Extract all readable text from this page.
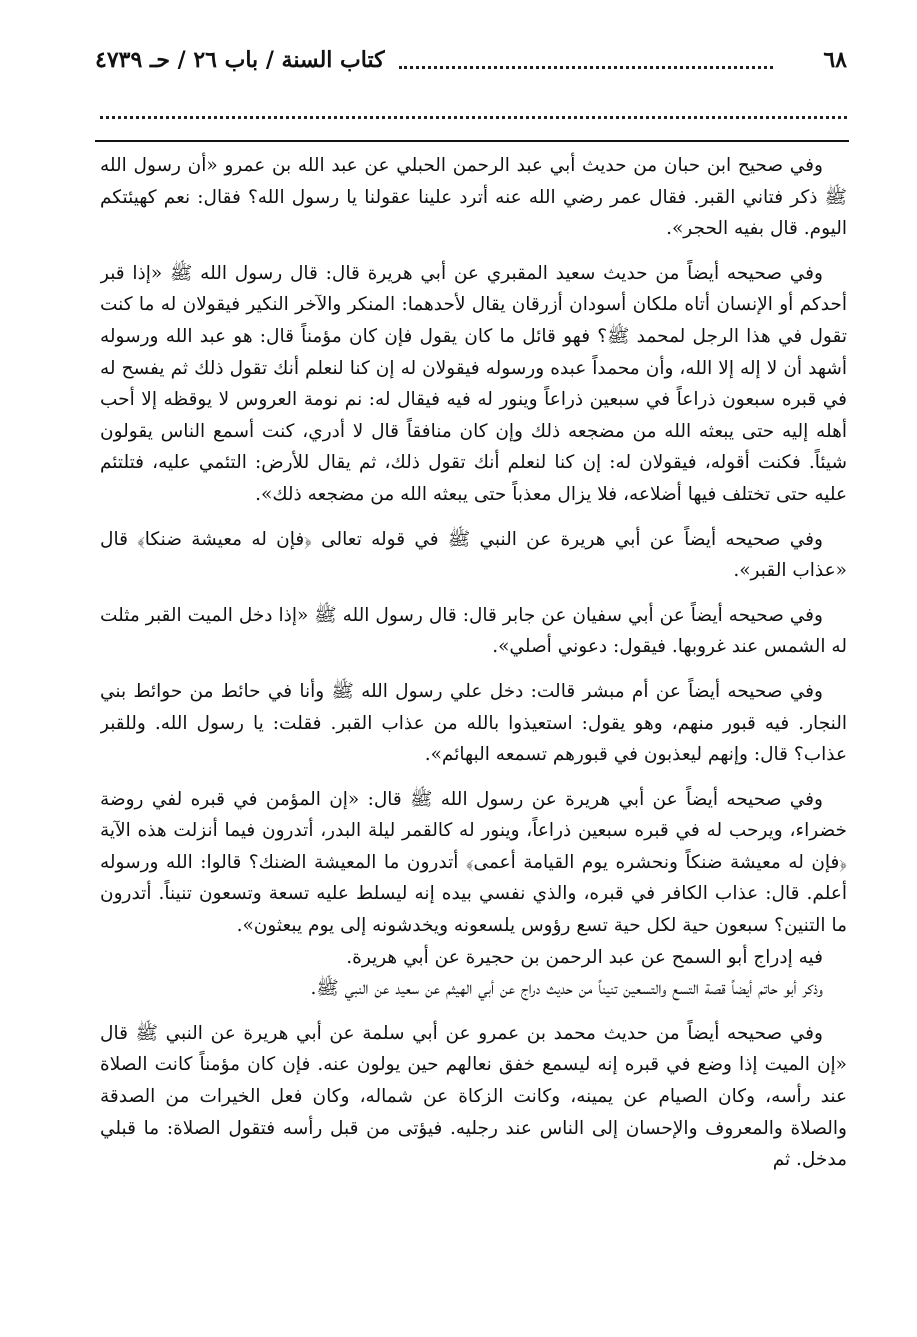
٦٨
كتاب السنة / باب ٢٦ / حـ ٤٧٣٩

وفي صحيح ابن حبان من حديث أبي عبد الرحمن الحبلي عن عبد الله بن عمرو «أن رسول الله ﷺ ذكر فتاني القبر. فقال عمر رضي الله عنه أترد علينا عقولنا يا رسول الله؟ فقال: نعم كهيئتكم اليوم. قال بفيه الحجر».

وفي صحيحه أيضاً من حديث سعيد المقبري عن أبي هريرة قال: قال رسول الله ﷺ «إذا قبر أحدكم أو الإنسان أتاه ملكان أسودان أزرقان يقال لأحدهما: المنكر والآخر النكير فيقولان له ما كنت تقول في هذا الرجل لمحمد ﷺ؟ فهو قائل ما كان يقول فإن كان مؤمناً قال: هو عبد الله ورسوله أشهد أن لا إله إلا الله، وأن محمداً عبده ورسوله فيقولان له إن كنا لنعلم أنك تقول ذلك ثم يفسح له في قبره سبعون ذراعاً في سبعين ذراعاً وينور له فيه فيقال له: نم نومة العروس لا يوقظه إلا أحب أهله إليه حتى يبعثه الله من مضجعه ذلك وإن كان منافقاً قال لا أدري، كنت أسمع الناس يقولون شيئاً. فكنت أقوله، فيقولان له: إن كنا لنعلم أنك تقول ذلك، ثم يقال للأرض: التئمي عليه، فتلتئم عليه حتى تختلف فيها أضلاعه، فلا يزال معذباً حتى يبعثه الله من مضجعه ذلك».

وفي صحيحه أيضاً عن أبي هريرة عن النبي ﷺ في قوله تعالى ﴿فإن له معيشة ضنكا﴾ قال «عذاب القبر».

وفي صحيحه أيضاً عن أبي سفيان عن جابر قال: قال رسول الله ﷺ «إذا دخل الميت القبر مثلت له الشمس عند غروبها. فيقول: دعوني أصلي».

وفي صحيحه أيضاً عن أم مبشر قالت: دخل علي رسول الله ﷺ وأنا في حائط من حوائط بني النجار. فيه قبور منهم، وهو يقول: استعيذوا بالله من عذاب القبر. فقلت: يا رسول الله. وللقبر عذاب؟ قال: وإنهم ليعذبون في قبورهم تسمعه البهائم».

وفي صحيحه أيضاً عن أبي هريرة عن رسول الله ﷺ قال: «إن المؤمن في قبره لفي روضة خضراء، ويرحب له في قبره سبعين ذراعاً، وينور له كالقمر ليلة البدر، أتدرون فيما أنزلت هذه الآية ﴿فإن له معيشة ضنكاً ونحشره يوم القيامة أعمى﴾ أتدرون ما المعيشة الضنك؟ قالوا: الله ورسوله أعلم. قال: عذاب الكافر في قبره، والذي نفسي بيده إنه ليسلط عليه تسعة وتسعون تنيناً. أتدرون ما التنين؟ سبعون حية لكل حية تسع رؤوس يلسعونه ويخدشونه إلى يوم يبعثون».

فيه إدراج أبو السمح عن عبد الرحمن بن حجيرة عن أبي هريرة.

وذكر أبو حاتم أيضاً قصة التسع والتسعين تنيناً من حديث دراج عن أبي الهيثم عن سعيد عن النبي ﷺ.

وفي صحيحه أيضاً من حديث محمد بن عمرو عن أبي سلمة عن أبي هريرة عن النبي ﷺ قال «إن الميت إذا وضع في قبره إنه ليسمع خفق نعالهم حين يولون عنه. فإن كان مؤمناً كانت الصلاة عند رأسه، وكان الصيام عن يمينه، وكانت الزكاة عن شماله، وكان فعل الخيرات من الصدقة والصلاة والمعروف والإحسان إلى الناس عند رجليه. فيؤتى من قبل رأسه فتقول الصلاة: ما قبلي مدخل. ثم
